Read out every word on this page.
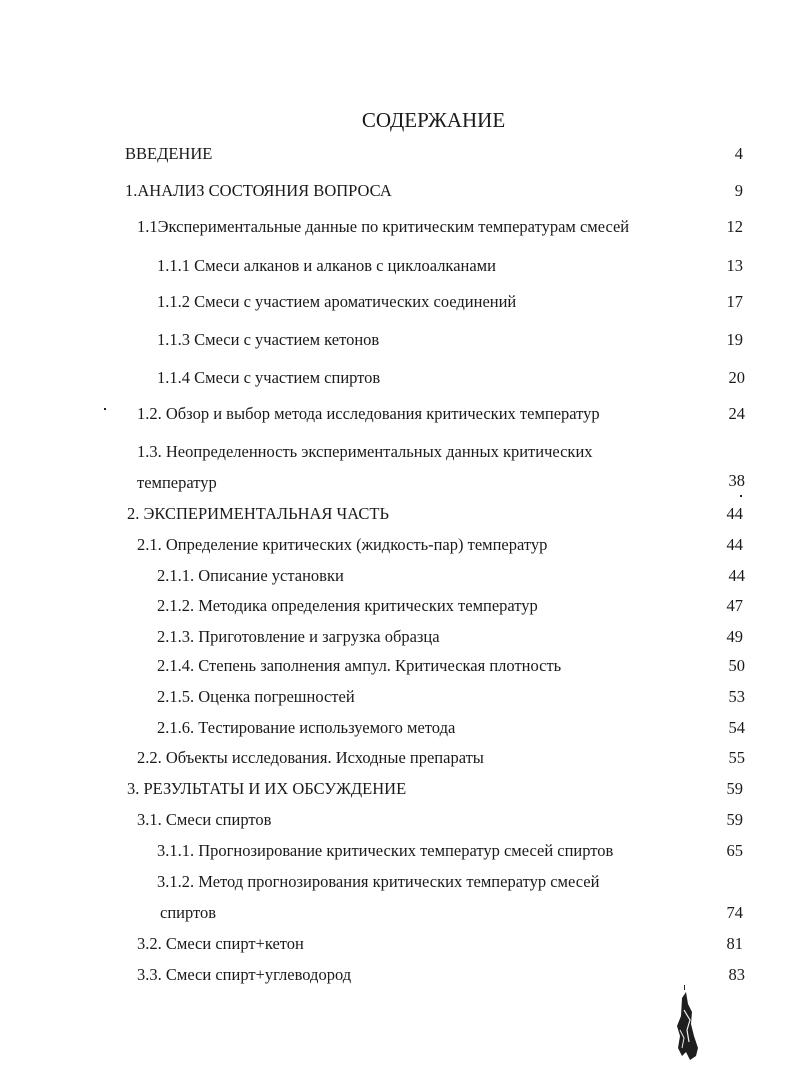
СОДЕРЖАНИЕ
ВВЕДЕНИЕ	4
1.АНАЛИЗ СОСТОЯНИЯ ВОПРОСА	9
1.1Экспериментальные данные по критическим температурам смесей	12
1.1.1 Смеси алканов и алканов с циклоалканами	13
1.1.2 Смеси с участием ароматических соединений	17
1.1.3 Смеси с участием кетонов	19
1.1.4 Смеси с участием спиртов	20
1.2. Обзор и выбор метода исследования критических температур	24
1.3. Неопределенность экспериментальных данных критических
температур	38
2. ЭКСПЕРИМЕНТАЛЬНАЯ ЧАСТЬ	44
2.1. Определение критических (жидкость-пар) температур	44
2.1.1. Описание установки	44
2.1.2. Методика определения критических температур	47
2.1.3. Приготовление и загрузка образца	49
2.1.4. Степень заполнения ампул. Критическая плотность	50
2.1.5. Оценка погрешностей	53
2.1.6. Тестирование используемого метода	54
2.2. Объекты исследования. Исходные препараты	55
3. РЕЗУЛЬТАТЫ И ИХ ОБСУЖДЕНИЕ	59
3.1. Смеси спиртов	59
3.1.1. Прогнозирование критических температур смесей спиртов	65
3.1.2. Метод прогнозирования критических температур смесей
спиртов	74
3.2. Смеси спирт+кетон	81
3.3. Смеси спирт+углеводород	83
